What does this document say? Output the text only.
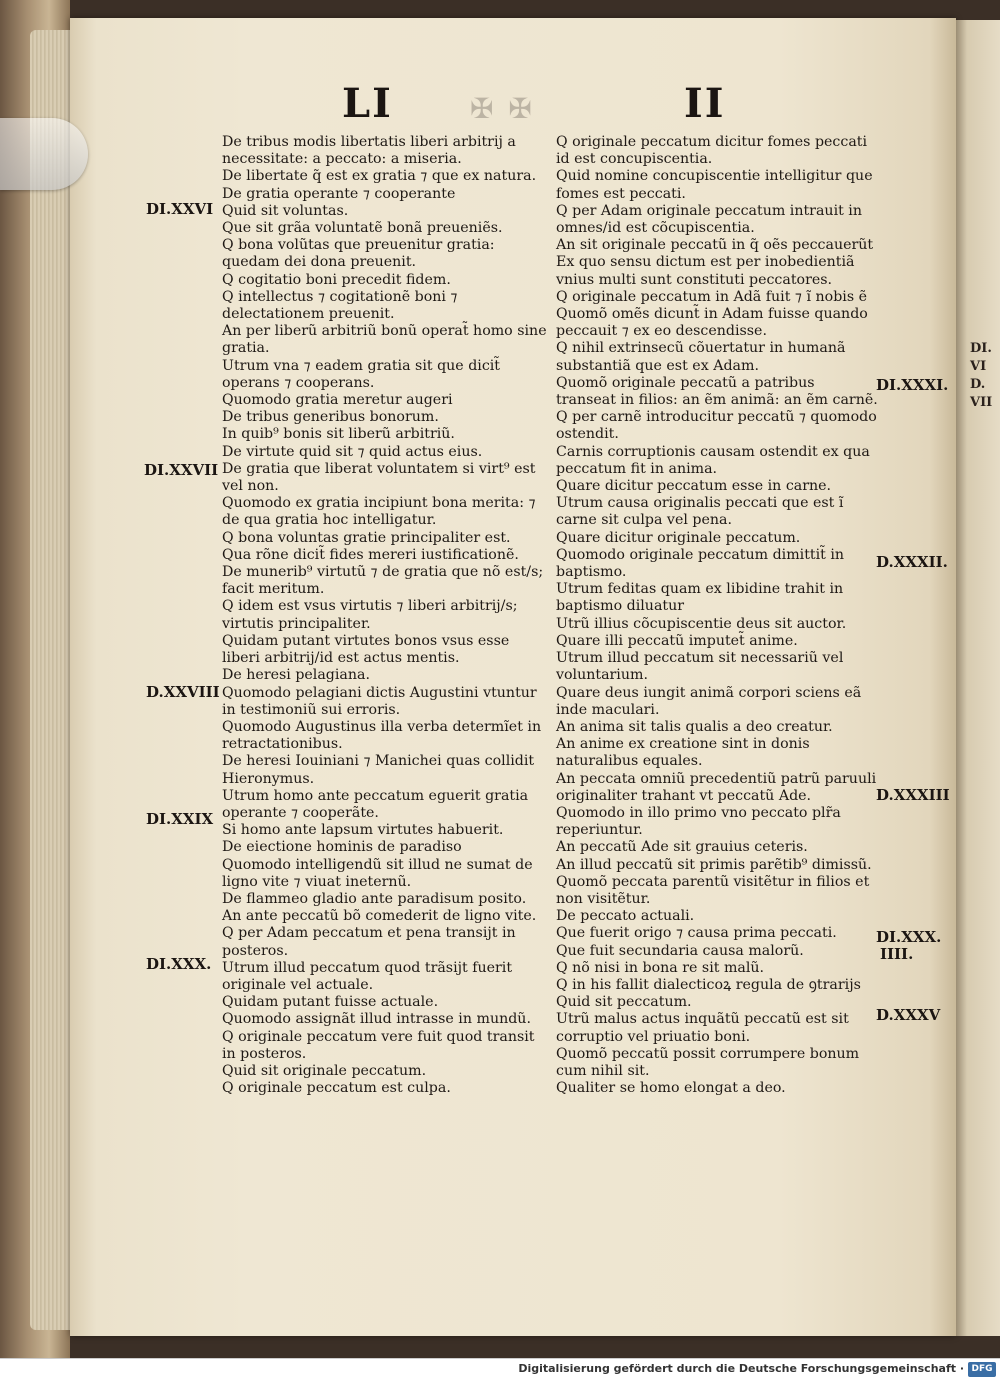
DI.
VI
D.
VII
LI	II
✠ ✠

De tribus modis libertatis liberi arbitrij a necessitate: a peccato: a miseria.

De libertate q̃ est ex gratia ⁊ que ex natura.

De gratia operante ⁊ cooperante

Quid sit voluntas.

Que sit grãa voluntatẽ bonã preueniẽs.

Q bona volũtas que preuenitur gratia: quedam dei dona preuenit.

Q cogitatio boni precedit fidem.

Q intellectus ⁊ cogitationẽ boni ⁊ delectationem preuenit.

An per liberũ arbitriũ bonũ operat̃ homo sine gratia.

Utrum vna ⁊ eadem gratia sit que dicit̃ operans ⁊ cooperans.

Quomodo gratia meretur augeri

De tribus generibus bonorum.

In quib⁹ bonis sit liberũ arbitriũ.

De virtute quid sit ⁊ quid actus eius.

De gratia que liberat voluntatem si virt⁹ est vel non.

Quomodo ex gratia incipiunt bona merita: ⁊ de qua gratia hoc intelligatur.

Q bona voluntas gratie principaliter est.

Qua rõne dicit̃ fides mereri iustificationẽ.

De munerib⁹ virtutũ ⁊ de gratia que nõ est/s; facit meritum.

Q idem est vsus virtutis ⁊ liberi arbitrij/s; virtutis principaliter.

Quidam putant virtutes bonos vsus esse liberi arbitrij/id est actus mentis.

De heresi pelagiana.

Quomodo pelagiani dictis Augustini vtuntur in testimoniũ sui erroris.

Quomodo Augustinus illa verba determĩet in retractationibus.

De heresi Iouiniani ⁊ Manichei quas collidit Hieronymus.

Utrum homo ante peccatum eguerit gratia operante ⁊ cooperãte.

Si homo ante lapsum virtutes habuerit.

De eiectione hominis de paradiso

Quomodo intelligendũ sit illud ne sumat de ligno vite ⁊ viuat ineternũ.

De flammeo gladio ante paradisum posito.

An ante peccatũ bõ comederit de ligno vite.

Q per Adam peccatum et pena transijt in posteros.

Utrum illud peccatum quod trãsijt fuerit originale vel actuale.

Quidam putant fuisse actuale.

Quomodo assignãt illud intrasse in mundũ.

Q originale peccatum vere fuit quod transit in posteros.

Quid sit originale peccatum.

Q originale peccatum est culpa.

Q originale peccatum dicitur fomes peccati id est concupiscentia.

Quid nomine concupiscentie intelligitur que fomes est peccati.

Q per Adam originale peccatum intrauit in omnes/id est cõcupiscentia.

An sit originale peccatũ in q̃ oẽs peccauerũt

Ex quo sensu dictum est per inobedientiã vnius multi sunt constituti peccatores.

Q originale peccatum in Adã fuit ⁊ ĩ nobis ẽ

Quomõ omẽs dicunt̃ in Adam fuisse quando peccauit ⁊ ex eo descendisse.

Q nihil extrinsecũ cõuertatur in humanã substantiã que est ex Adam.

Quomõ originale peccatũ a patribus transeat in filios: an ẽm animã: an ẽm carnẽ.

Q per carnẽ introducitur peccatũ ⁊ quomodo ostendit.

Carnis corruptionis causam ostendit ex qua peccatum fit in anima.

Quare dicitur peccatum esse in carne.

Utrum causa originalis peccati que est ĩ carne sit culpa vel pena.

Quare dicitur originale peccatum.

Quomodo originale peccatum dimittit̃ in baptismo.

Utrum feditas quam ex libidine trahit in baptismo diluatur

Utrũ illius cõcupiscentie deus sit auctor.

Quare illi peccatũ imputet̃ anime.

Utrum illud peccatum sit necessariũ vel voluntarium.

Quare deus iungit animã corpori sciens eã inde maculari.

An anima sit talis qualis a deo creatur.

An anime ex creatione sint in donis naturalibus equales.

An peccata omniũ precedentiũ patrũ paruuli originaliter trahant vt peccatũ Ade.

Quomodo in illo primo vno peccato plr̃a reperiuntur.

An peccatũ Ade sit grauius ceteris.

An illud peccatũ sit primis parẽtib⁹ dimissũ.

Quomõ peccata parentũ visitẽtur in filios et non visitẽtur.

De peccato actuali.

Que fuerit origo ⁊ causa prima peccati.

Que fuit secundaria causa malorũ.

Q nõ nisi in bona re sit malũ.

Q in his fallit dialecticoꝝ regula de ꝯtrarijs

Quid sit peccatum.

Utrũ malus actus inquãtũ peccatũ est sit corruptio vel priuatio boni.

Quomõ peccatũ possit corrumpere bonum cum nihil sit.

Qualiter se homo elongat a deo.

DI.XXVI
DI.XXVII
D.XXVIII
DI.XXIX
DI.XXX.
DI.XXXI.
D.XXXII.
D.XXXIII
DI.XXX.
IIII.
D.XXXV
Digitalisierung gefördert durch die Deutsche Forschungsgemeinschaft · DFG
